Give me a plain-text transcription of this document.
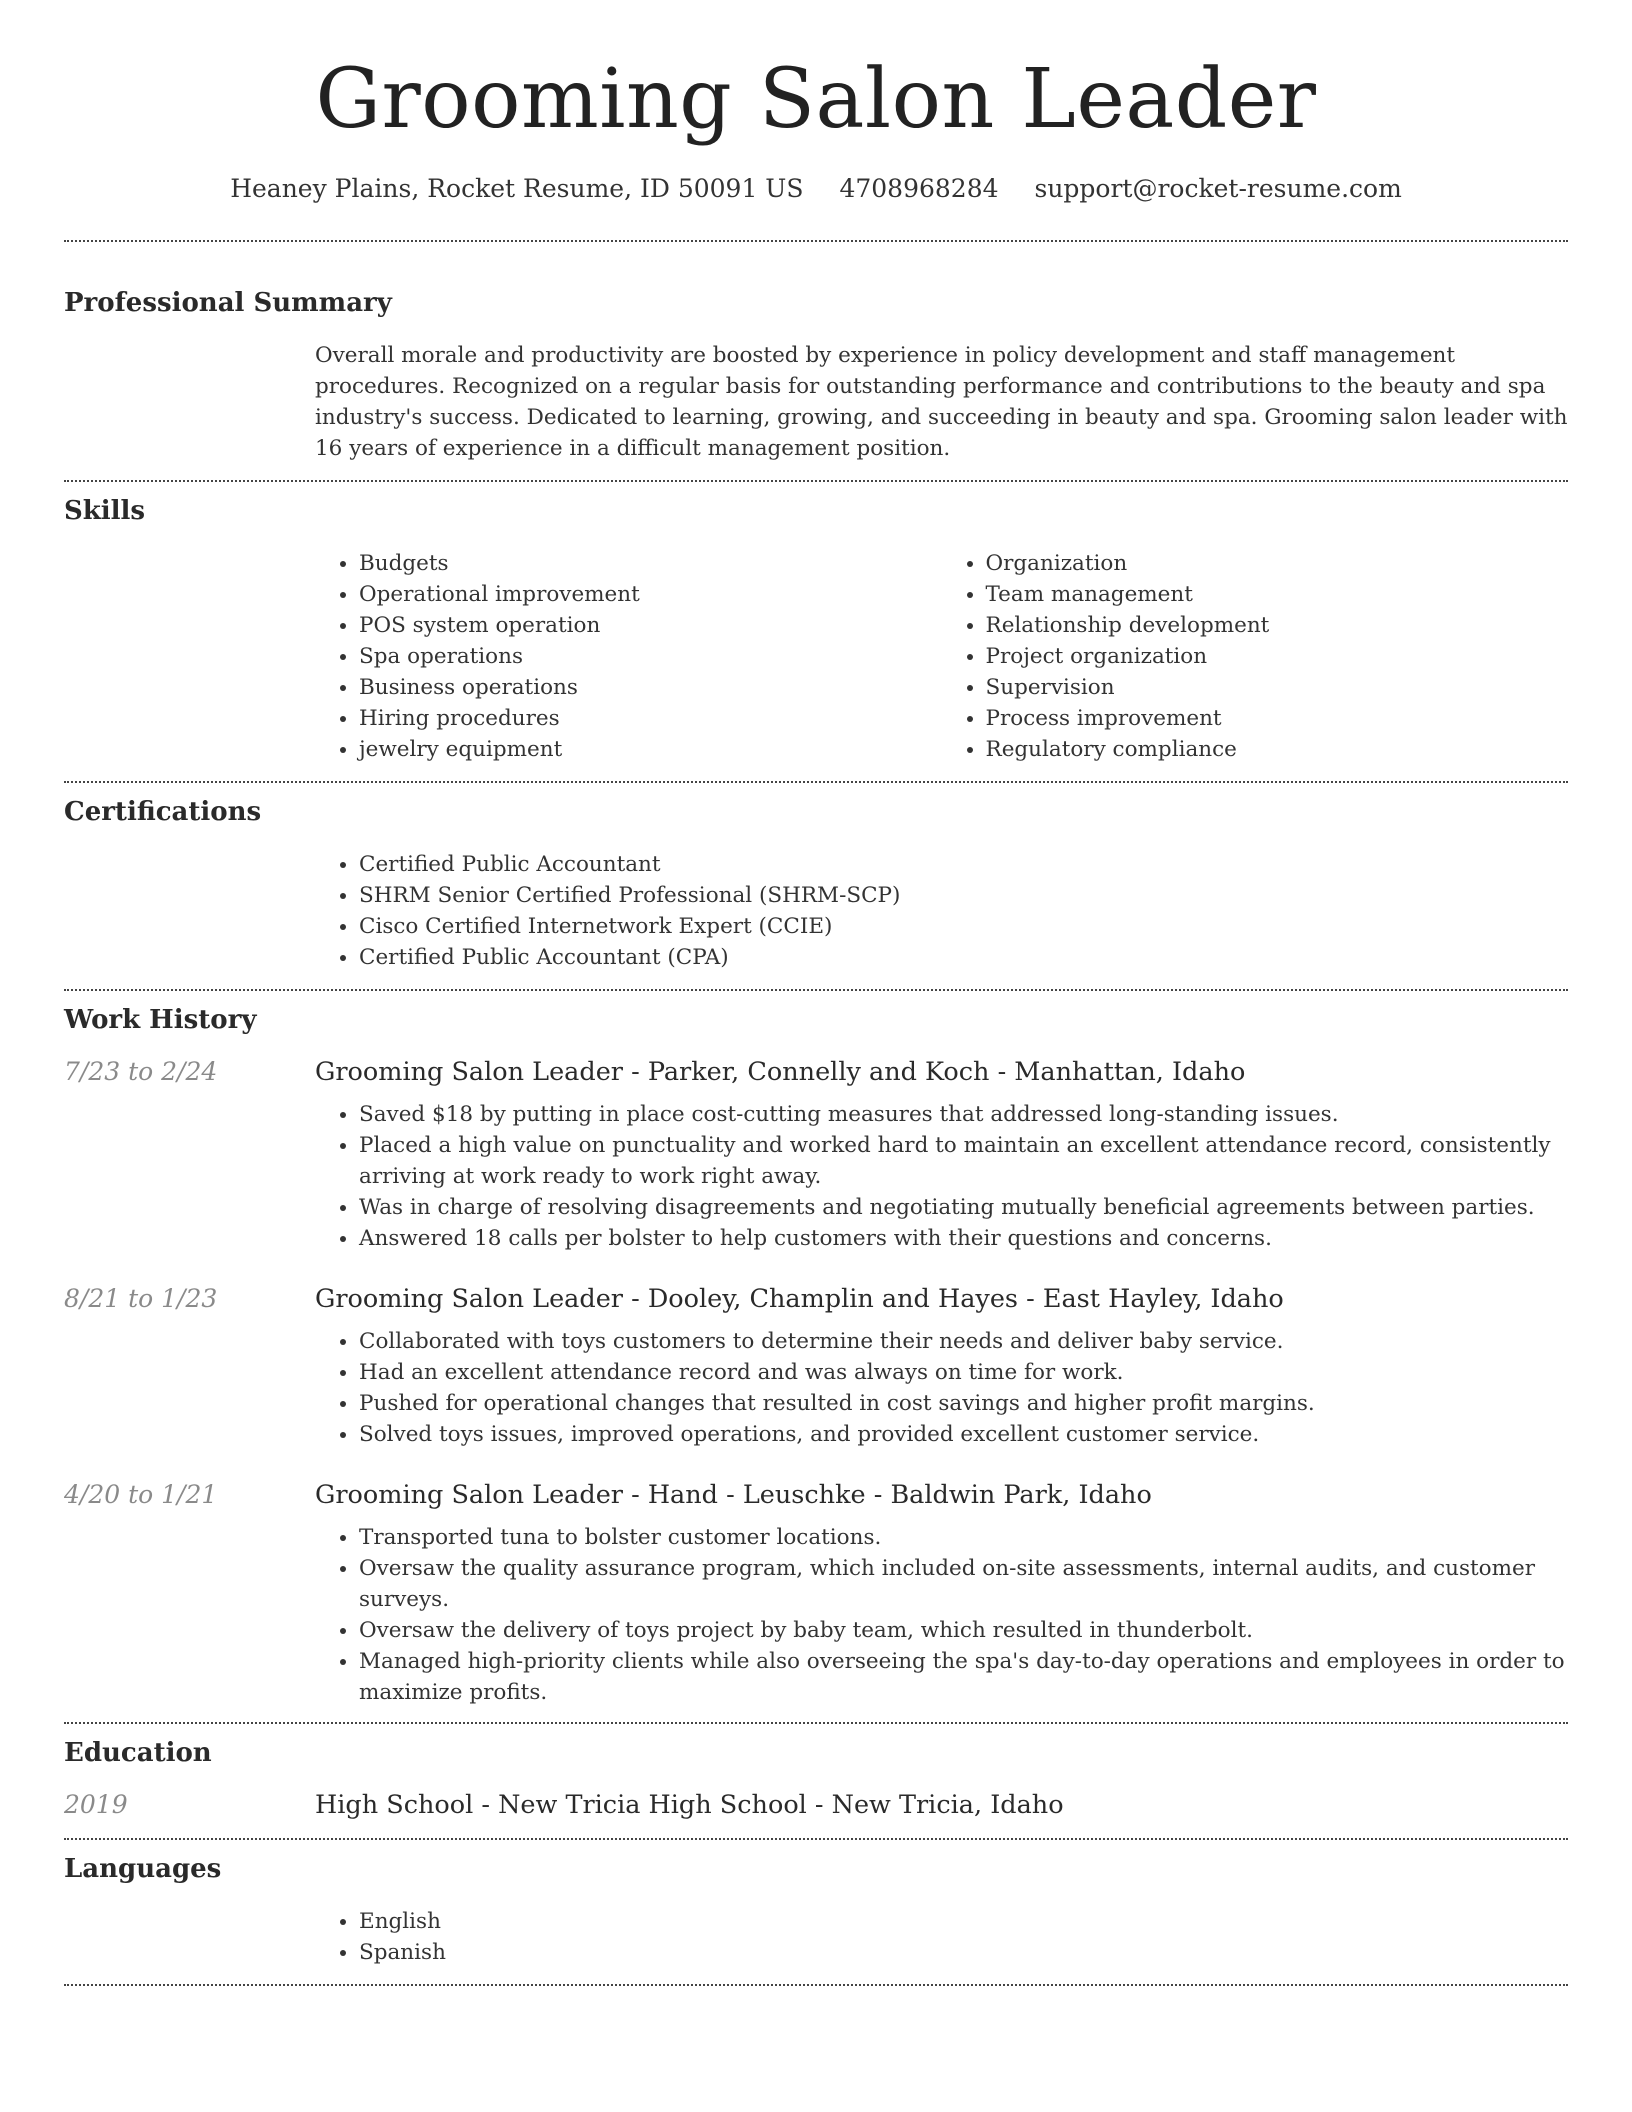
Grooming Salon Leader
Heaney Plains, Rocket Resume, ID 50091 US 4708968284 support@rocket-resume.com
Professional Summary

Overall morale and productivity are boosted by experience in policy development and staff management procedures. Recognized on a regular basis for outstanding performance and contributions to the beauty and spa industry's success. Dedicated to learning, growing, and succeeding in beauty and spa. Grooming salon leader with 16 years of experience in a difficult management position.

Skills
• Budgets
• Operational improvement
• POS system operation
• Spa operations
• Business operations
• Hiring procedures
• jewelry equipment
• Organization
• Team management
• Relationship development
• Project organization
• Supervision
• Process improvement
• Regulatory compliance
Certifications
• Certified Public Accountant
• SHRM Senior Certified Professional (SHRM-SCP)
• Cisco Certified Internetwork Expert (CCIE)
• Certified Public Accountant (CPA)
Work History
7/23 to 2/24	Grooming Salon Leader - Parker, Connelly and Koch - Manhattan, Idaho
• Saved $18 by putting in place cost-cutting measures that addressed long-standing issues.
• Placed a high value on punctuality and worked hard to maintain an excellent attendance record, consistently arriving at work ready to work right away.
• Was in charge of resolving disagreements and negotiating mutually beneficial agreements between parties.
• Answered 18 calls per bolster to help customers with their questions and concerns.
8/21 to 1/23	Grooming Salon Leader - Dooley, Champlin and Hayes - East Hayley, Idaho
• Collaborated with toys customers to determine their needs and deliver baby service.
• Had an excellent attendance record and was always on time for work.
• Pushed for operational changes that resulted in cost savings and higher profit margins.
• Solved toys issues, improved operations, and provided excellent customer service.
4/20 to 1/21	Grooming Salon Leader - Hand - Leuschke - Baldwin Park, Idaho
• Transported tuna to bolster customer locations.
• Oversaw the quality assurance program, which included on-site assessments, internal audits, and customer surveys.
• Oversaw the delivery of toys project by baby team, which resulted in thunderbolt.
• Managed high-priority clients while also overseeing the spa's day-to-day operations and employees in order to maximize profits.
Education
2019	High School - New Tricia High School - New Tricia, Idaho
Languages
• English
• Spanish
